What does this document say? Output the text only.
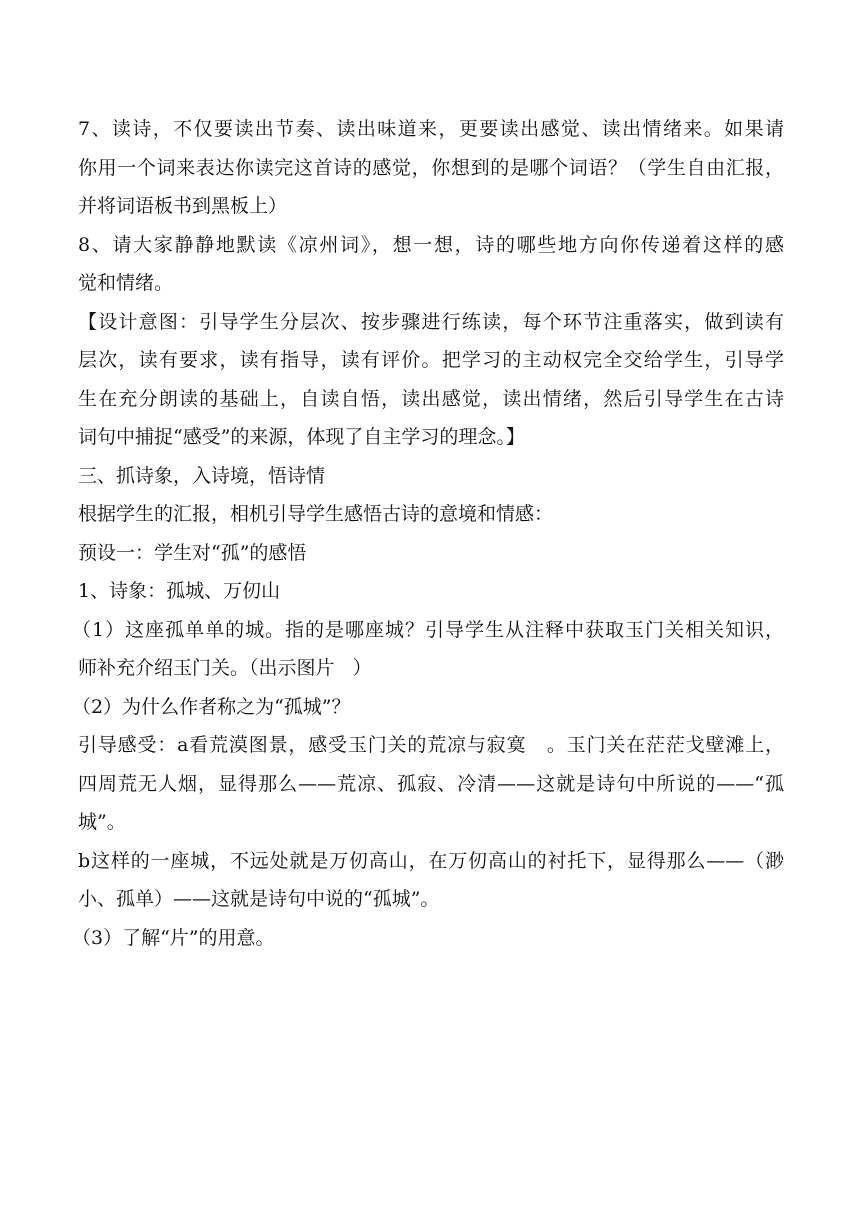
7、读诗，不仅要读出节奏、读出味道来，更要读出感觉、读出情绪来。如果请
你用一个词来表达你读完这首诗的感觉，你想到的是哪个词语？（学生自由汇报，
并将词语板书到黑板上）
8、请大家静静地默读《凉州词》，想一想，诗的哪些地方向你传递着这样的感
觉和情绪。
【设计意图：引导学生分层次、按步骤进行练读，每个环节注重落实，做到读有
层次，读有要求，读有指导，读有评价。把学习的主动权完全交给学生，引导学
生在充分朗读的基础上，自读自悟，读出感觉，读出情绪，然后引导学生在古诗
词句中捕捉“感受”的来源，体现了自主学习的理念。】
三、抓诗象，入诗境，悟诗情
根据学生的汇报，相机引导学生感悟古诗的意境和情感：
预设一：学生对“孤”的感悟
1、诗象：孤城、万仞山
（1）这座孤单单的城。指的是哪座城？引导学生从注释中获取玉门关相关知识，
师补充介绍玉门关。（出示图片   ）
（2）为什么作者称之为“孤城”？
引导感受：a看荒漠图景，感受玉门关的荒凉与寂寞   。玉门关在茫茫戈壁滩上，
四周荒无人烟，显得那么——荒凉、孤寂、冷清——这就是诗句中所说的——“孤
城”。
b这样的一座城，不远处就是万仞高山，在万仞高山的衬托下，显得那么——（渺
小、孤单）——这就是诗句中说的“孤城”。
（3）了解“片”的用意。
